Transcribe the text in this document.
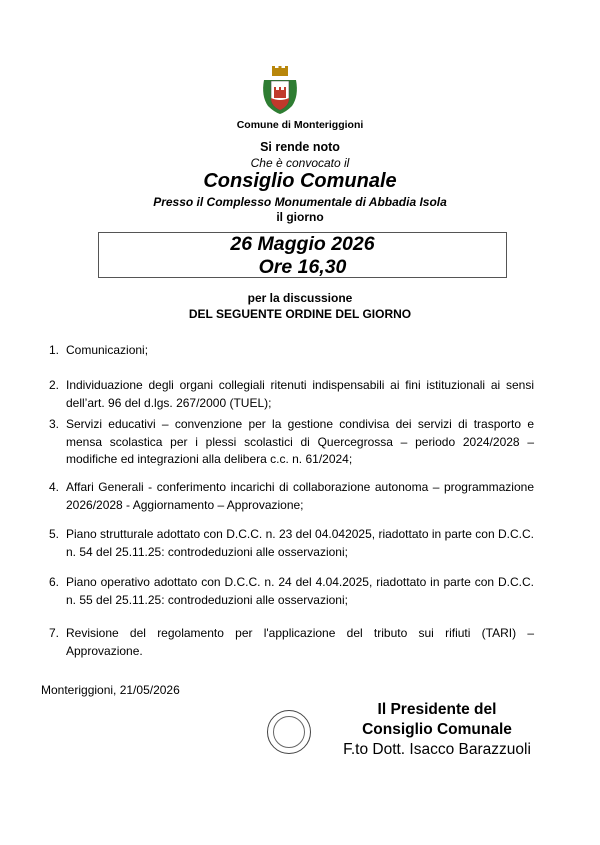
Comune di Monteriggioni
Si rende noto
Che è convocato il
Consiglio Comunale
Presso il Complesso Monumentale di Abbadia Isola
il giorno
26 Maggio 2026
Ore 16,30
per la discussione
DEL SEGUENTE ORDINE DEL GIORNO
1. Comunicazioni;
2. Individuazione degli organi collegiali ritenuti indispensabili ai fini istituzionali ai sensi dell’art. 96 del d.lgs. 267/2000 (TUEL);
3. Servizi educativi – convenzione per la gestione condivisa dei servizi di trasporto e mensa scolastica per i plessi scolastici di Quercegrossa – periodo 2024/2028 – modifiche ed integrazioni alla delibera c.c. n. 61/2024;
4. Affari Generali - conferimento incarichi di collaborazione autonoma – programmazione 2026/2028 - Aggiornamento – Approvazione;
5. Piano strutturale adottato con D.C.C. n. 23 del 04.042025, riadottato in parte con D.C.C. n. 54 del 25.11.25: controdeduzioni alle osservazioni;
6. Piano operativo adottato con D.C.C. n. 24 del 4.04.2025, riadottato in parte con D.C.C. n. 55 del 25.11.25: controdeduzioni alle osservazioni;
7. Revisione del regolamento per l'applicazione del tributo sui rifiuti (TARI) – Approvazione.
Monteriggioni, 21/05/2026
Il Presidente del
Consiglio Comunale
F.to Dott. Isacco Barazzuoli
